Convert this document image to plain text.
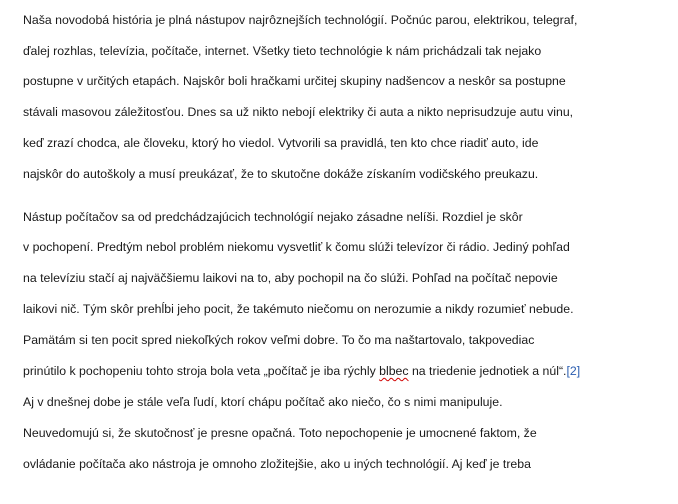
Naša novodobá história je plná nástupov najrôznejších technológií. Počnúc parou, elektrikou, telegraf,
ďalej rozhlas, televízia, počítače, internet. Všetky tieto technológie k nám prichádzali tak nejako
postupne v určitých etapách. Najskôr boli hračkami určitej skupiny nadšencov a neskôr sa postupne
stávali masovou záležitosťou. Dnes sa už nikto nebojí elektriky či auta a nikto neprisudzuje autu vinu,
keď zrazí chodca, ale človeku, ktorý ho viedol. Vytvorili sa pravidlá, ten kto chce riadiť auto, ide
najskôr do autoškoly a musí preukázať, že to skutočne dokáže získaním vodičského preukazu.
Nástup počítačov sa od predchádzajúcich technológií nejako zásadne nelíši. Rozdiel je skôr
v pochopení. Predtým nebol problém niekomu vysvetliť k čomu slúži televízor či rádio. Jediný pohľad
na televíziu stačí aj najväčšiemu laikovi na to, aby pochopil na čo slúži. Pohľad na počítač nepovie
laikovi nič. Tým skôr prehĺbi jeho pocit, že takémuto niečomu on nerozumie a nikdy rozumieť nebude.
Pamätám si ten pocit spred niekoľkých rokov veľmi dobre. To čo ma naštartovalo, takpovediac
prinútilo k pochopeniu tohto stroja bola veta „počítač je iba rýchly blbec na triedenie jednotiek a núl“.[2]
Aj v dnešnej dobe je stále veľa ľudí, ktorí chápu počítač ako niečo, čo s nimi manipuluje.
Neuvedomujú si, že skutočnosť je presne opačná. Toto nepochopenie je umocnené faktom, že
ovládanie počítača ako nástroja je omnoho zložitejšie, ako u iných technológií. Aj keď je treba
